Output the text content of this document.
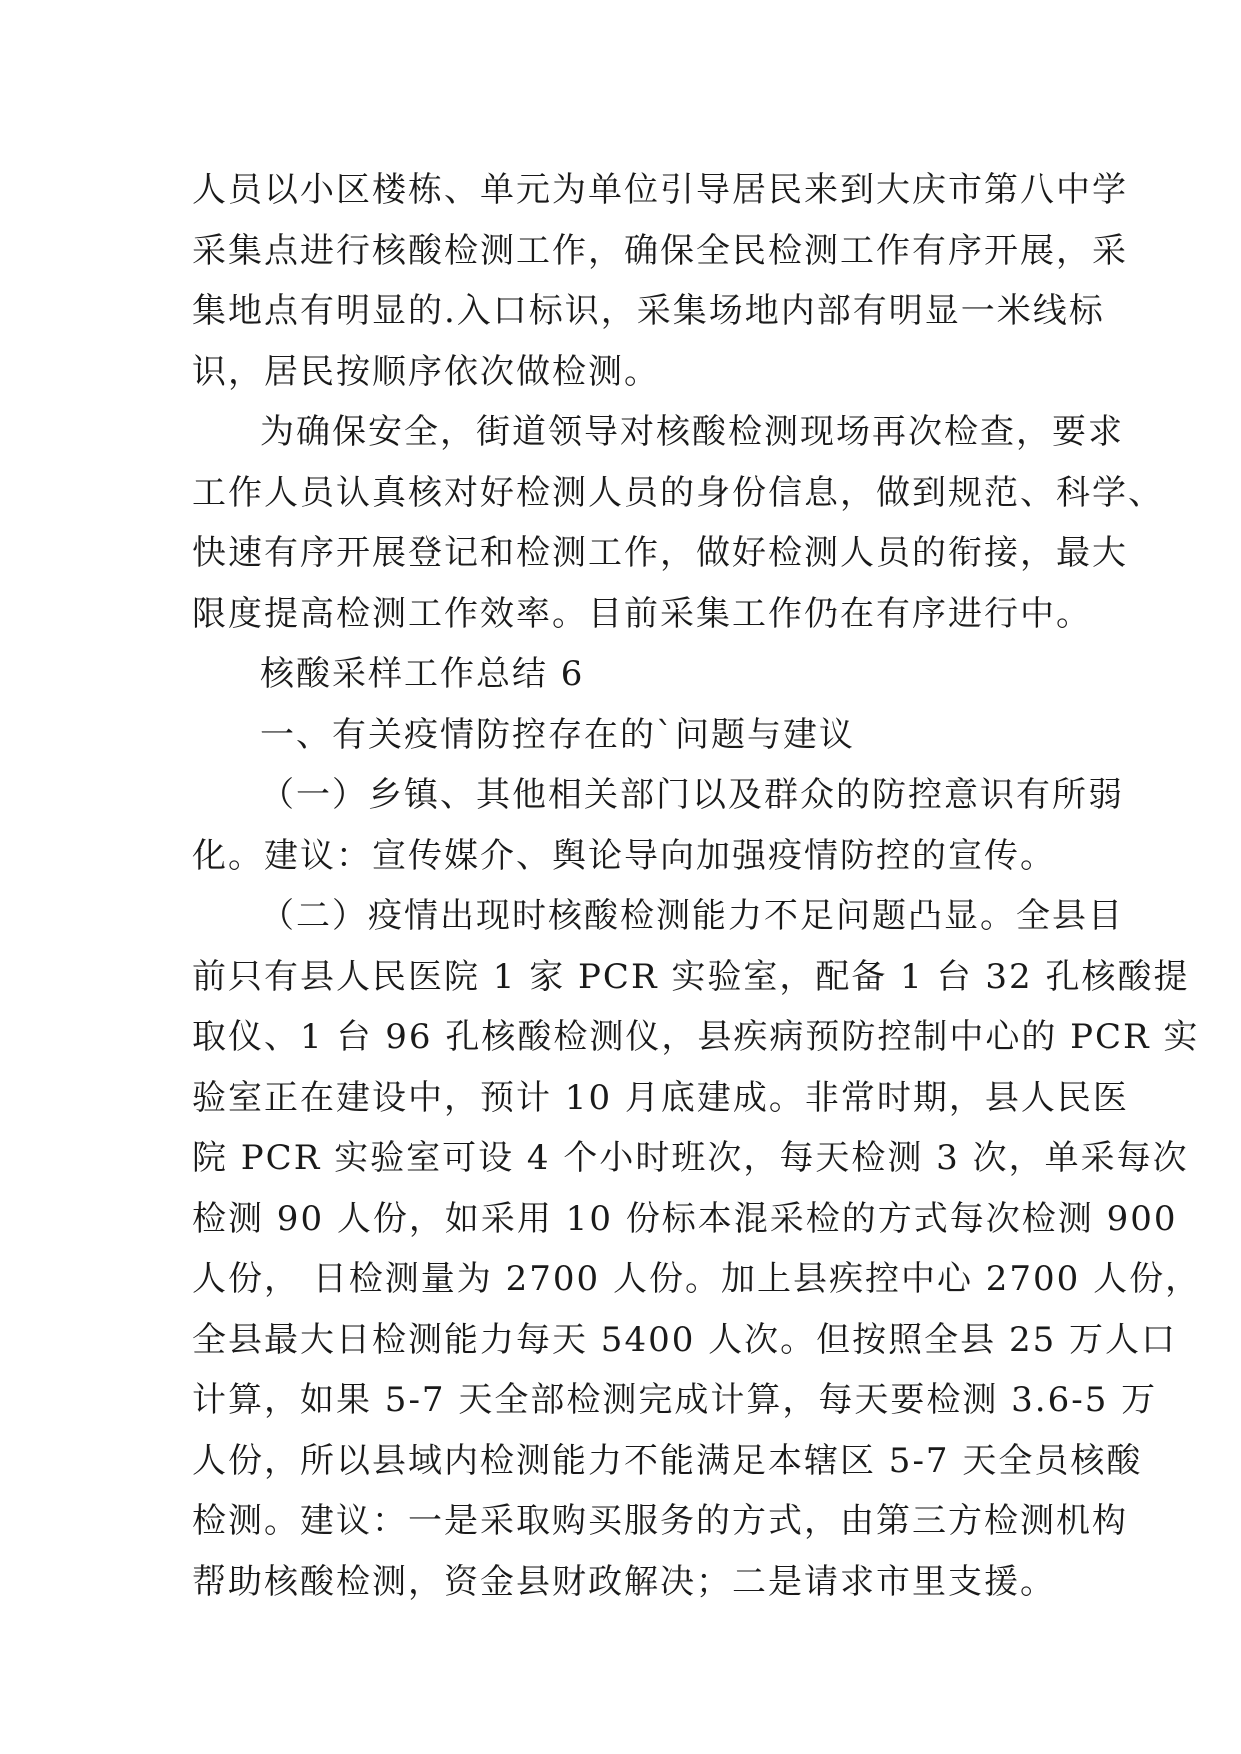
人员以小区楼栋、单元为单位引导居民来到大庆市第八中学
采集点进行核酸检测工作，确保全民检测工作有序开展，采
集地点有明显的.入口标识，采集场地内部有明显一米线标
识，居民按顺序依次做检测。
为确保安全，街道领导对核酸检测现场再次检查，要求
工作人员认真核对好检测人员的身份信息，做到规范、科学、
快速有序开展登记和检测工作，做好检测人员的衔接，最大
限度提高检测工作效率。目前采集工作仍在有序进行中。
核酸采样工作总结 6
一、有关疫情防控存在的`问题与建议
（一）乡镇、其他相关部门以及群众的防控意识有所弱
化。建议：宣传媒介、舆论导向加强疫情防控的宣传。
（二）疫情出现时核酸检测能力不足问题凸显。全县目
前只有县人民医院 1 家 PCR 实验室，配备 1 台 32 孔核酸提
取仪、1 台 96 孔核酸检测仪，县疾病预防控制中心的 PCR 实
验室正在建设中，预计 10 月底建成。非常时期，县人民医
院 PCR 实验室可设 4 个小时班次，每天检测 3 次，单采每次
检测 90 人份，如采用 10 份标本混采检的方式每次检测 900
人份， 日检测量为 2700 人份。加上县疾控中心 2700 人份，
全县最大日检测能力每天 5400 人次。但按照全县 25 万人口
计算，如果 5-7 天全部检测完成计算，每天要检测 3.6-5 万
人份，所以县域内检测能力不能满足本辖区 5-7 天全员核酸
检测。建议：一是采取购买服务的方式，由第三方检测机构
帮助核酸检测，资金县财政解决；二是请求市里支援。
